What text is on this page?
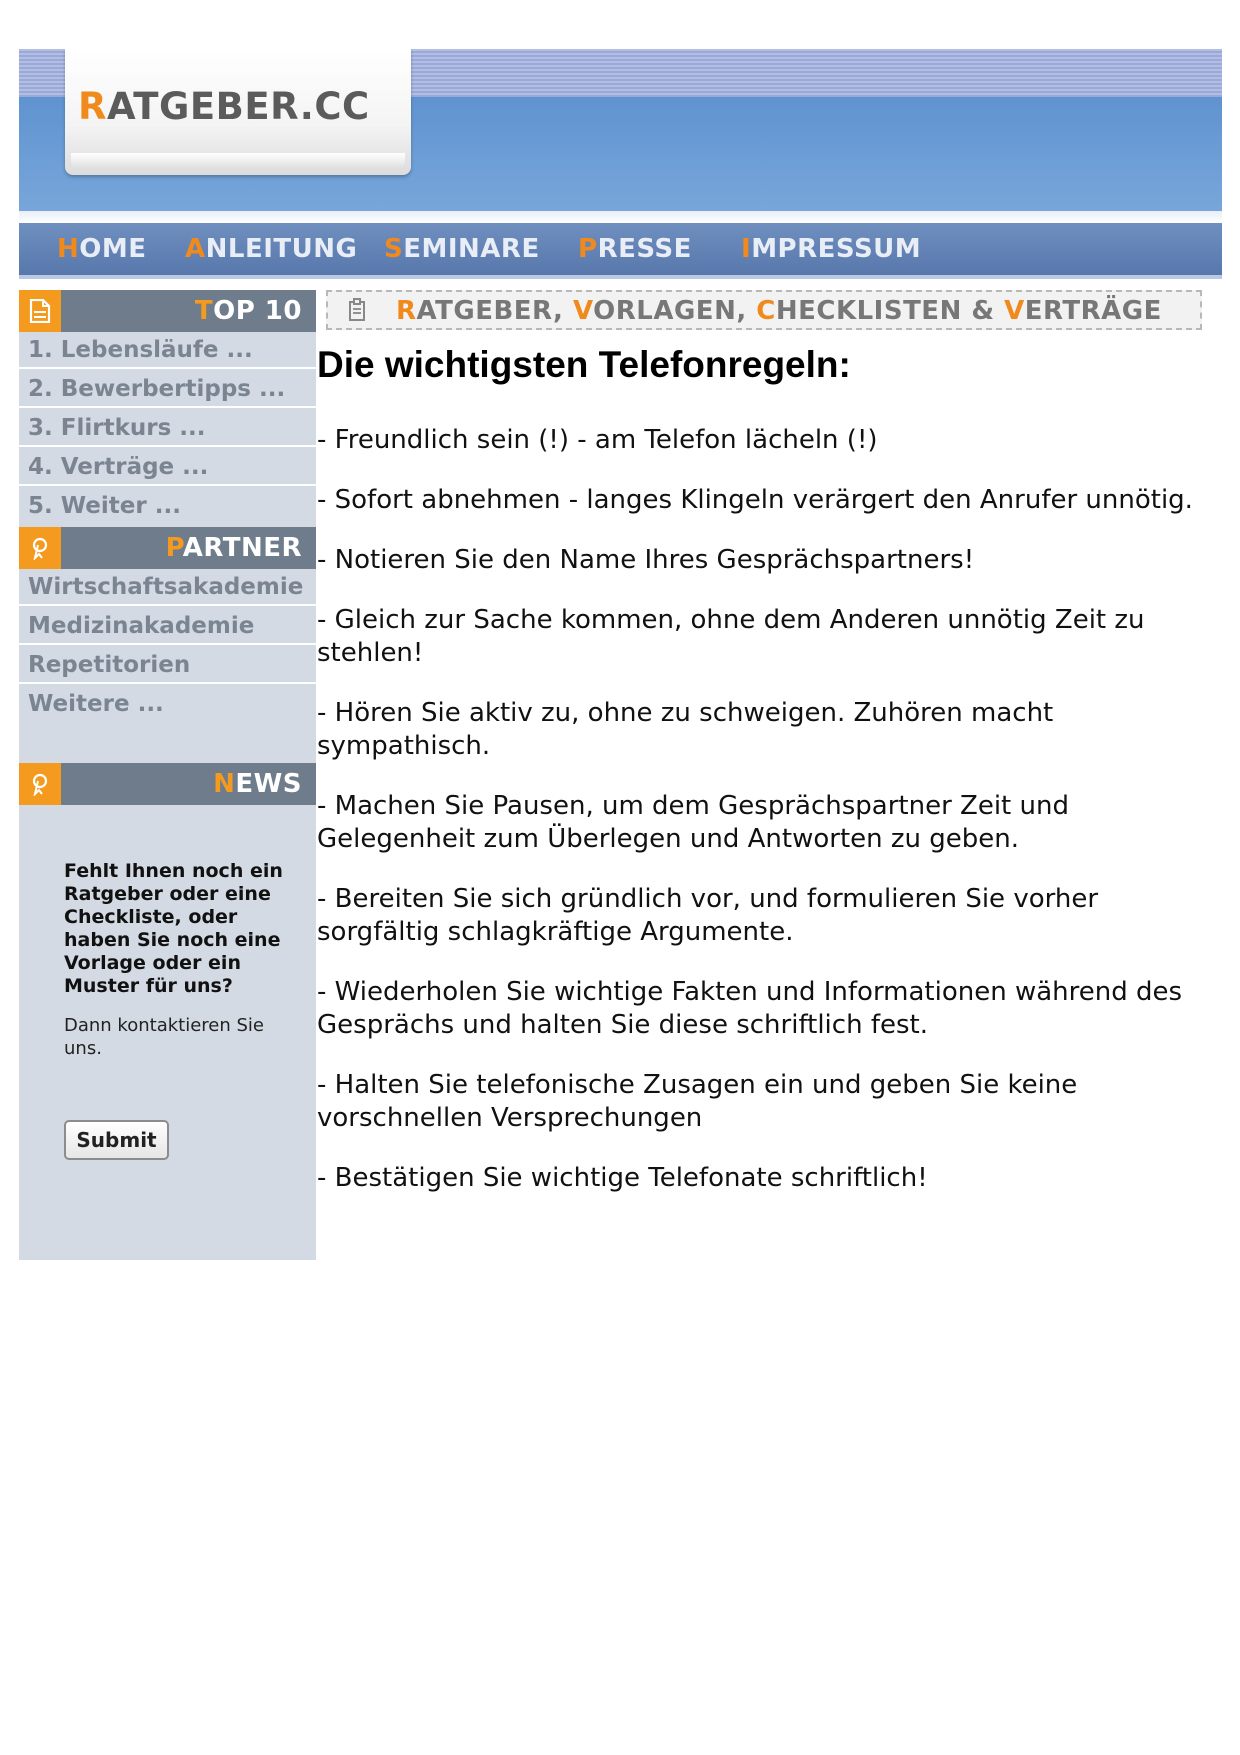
RATGEBER.CC
HOME ANLEITUNG SEMINARE PRESSE IMPRESSUM
TOP 10
1. Lebensläufe ...
2. Bewerbertipps ...
3. Flirtkurs ...
4. Verträge ...
5. Weiter ...
PARTNER
Wirtschaftsakademie
Medizinakademie
Repetitorien
Weitere ...
NEWS

Fehlt Ihnen noch ein Ratgeber oder eine Checkliste, oder haben Sie noch eine Vorlage oder ein Muster für uns?

Dann kontaktieren Sie uns.

Submit
RATGEBER, VORLAGEN, CHECKLISTEN & VERTRÄGE
Die wichtigsten Telefonregeln:
- Freundlich sein (!) - am Telefon lächeln (!)
- Sofort abnehmen - langes Klingeln verärgert den Anrufer unnötig.
- Notieren Sie den Name Ihres Gesprächspartners!
- Gleich zur Sache kommen, ohne dem Anderen unnötig Zeit zu stehlen!
- Hören Sie aktiv zu, ohne zu schweigen. Zuhören macht sympathisch.
- Machen Sie Pausen, um dem Gesprächspartner Zeit und Gelegenheit zum Überlegen und Antworten zu geben.
- Bereiten Sie sich gründlich vor, und formulieren Sie vorher sorgfältig schlagkräftige Argumente.
- Wiederholen Sie wichtige Fakten und Informationen während des Gesprächs und halten Sie diese schriftlich fest.
- Halten Sie telefonische Zusagen ein und geben Sie keine vorschnellen Versprechungen
- Bestätigen Sie wichtige Telefonate schriftlich!
